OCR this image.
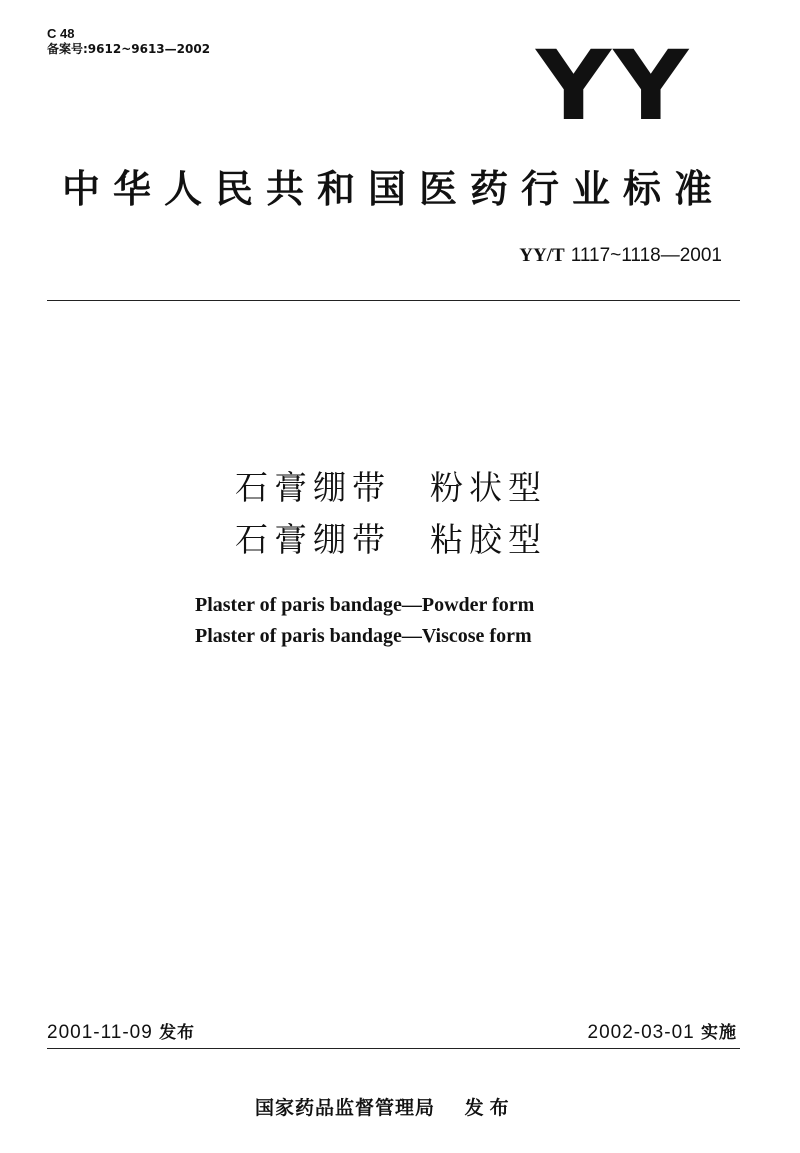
C 48
备案号:9612~9613—2002	YY
中华人民共和国医药行业标准
YY/T 1117~1118—2001
石膏绷带　粉状型
石膏绷带　粘胶型
Plaster of paris bandage—Powder form
Plaster of paris bandage—Viscose form
2001-11-09 发布	2002-03-01 实施
国家药品监督管理局 发布
